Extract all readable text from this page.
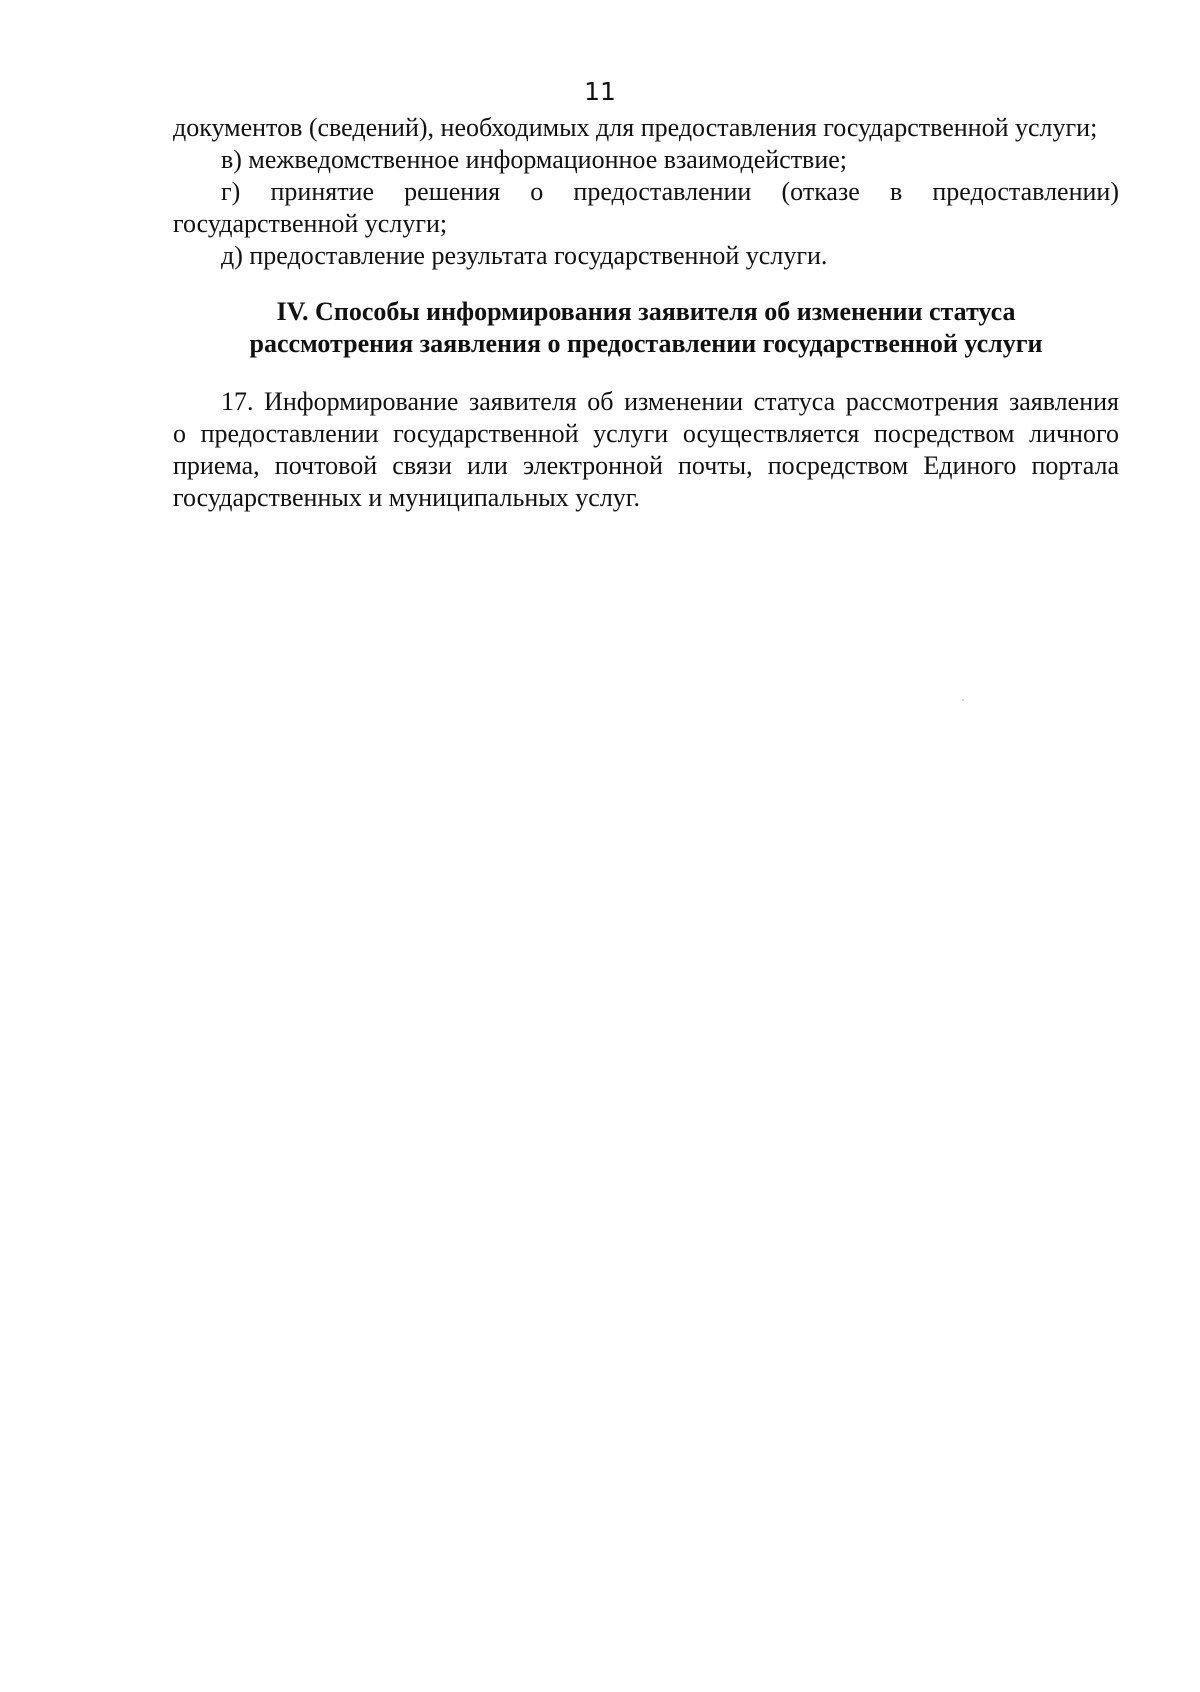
11
документов (сведений), необходимых для предоставления государственной услуги;
в) межведомственное информационное взаимодействие;
г) принятие решения о предоставлении (отказе в предоставлении)
государственной услуги;
д) предоставление результата государственной услуги.
IV. Способы информирования заявителя об изменении статуса
рассмотрения заявления о предоставлении государственной услуги
17. Информирование заявителя об изменении статуса рассмотрения заявления
о предоставлении государственной услуги осуществляется посредством личного
приема, почтовой связи или электронной почты, посредством Единого портала
государственных и муниципальных услуг.
